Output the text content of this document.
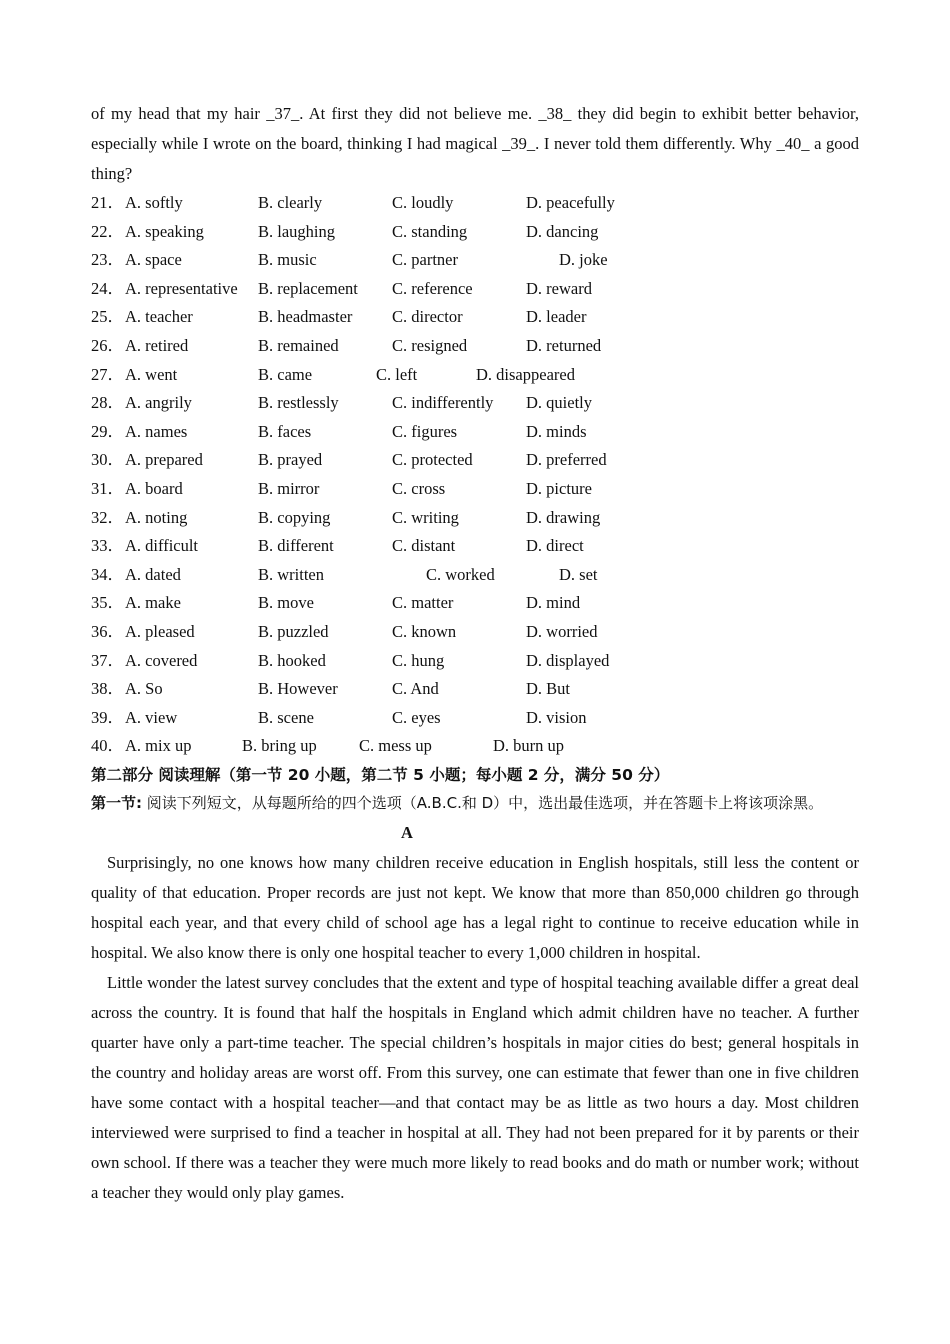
of my head that my hair _37_. At first they did not believe me. _38_ they did begin to exhibit better behavior, especially while I wrote on the board, thinking I had magical _39_. I never told them differently. Why _40_ a good thing?

21． A. softly	B. clearly	C. loudly	D. peacefully
22． A. speaking	B. laughing	C. standing	D. dancing
23． A. space	B. music	C. partner	D. joke
24． A. representative B. replacement C. reference	D. reward
25． A. teacher	B. headmaster C. director	D. leader
26． A. retired	B. remained	C. resigned	D. returned
27． A. went	B. came	C. left	D. disappeared
28． A. angrily	B. restlessly	C. indifferently D. quietly
29． A. names	B. faces	C. figures	D. minds
30． A. prepared	B. prayed	C. protected	D. preferred
31． A. board	B. mirror	C. cross	D. picture
32． A. noting	B. copying	C. writing	D. drawing
33． A. difficult	B. different	C. distant	D. direct
34． A. dated	B. written	C. worked	D. set
35． A. make	B. move	C. matter	D. mind
36． A. pleased	B. puzzled	C. known	D. worried
37． A. covered	B. hooked	C. hung	D. displayed
38． A. So	B. However	C. And	D. But
39． A. view	B. scene	C. eyes	D. vision
40． A. mix up	B. bring up	C. mess up	D. burn up

第二部分 阅读理解（第一节 20 小题，第二节 5 小题；每小题 2 分，满分 50 分）

第一节: 阅读下列短文，从每题所给的四个选项（A.B.C.和 D）中，选出最佳选项，并在答题卡上将该项涂黑。

A

Surprisingly, no one knows how many children receive education in English hospitals, still less the content or quality of that education. Proper records are just not kept. We know that more than 850,000 children go through hospital each year, and that every child of school age has a legal right to continue to receive education while in hospital. We also know there is only one hospital teacher to every 1,000 children in hospital.

Little wonder the latest survey concludes that the extent and type of hospital teaching available differ a great deal across the country. It is found that half the hospitals in England which admit children have no teacher. A further quarter have only a part-time teacher. The special children’s hospitals in major cities do best; general hospitals in the country and holiday areas are worst off. From this survey, one can estimate that fewer than one in five children have some contact with a hospital teacher—and that contact may be as little as two hours a day. Most children interviewed were surprised to find a teacher in hospital at all. They had not been prepared for it by parents or their own school. If there was a teacher they were much more likely to read books and do math or number work; without a teacher they would only play games.
